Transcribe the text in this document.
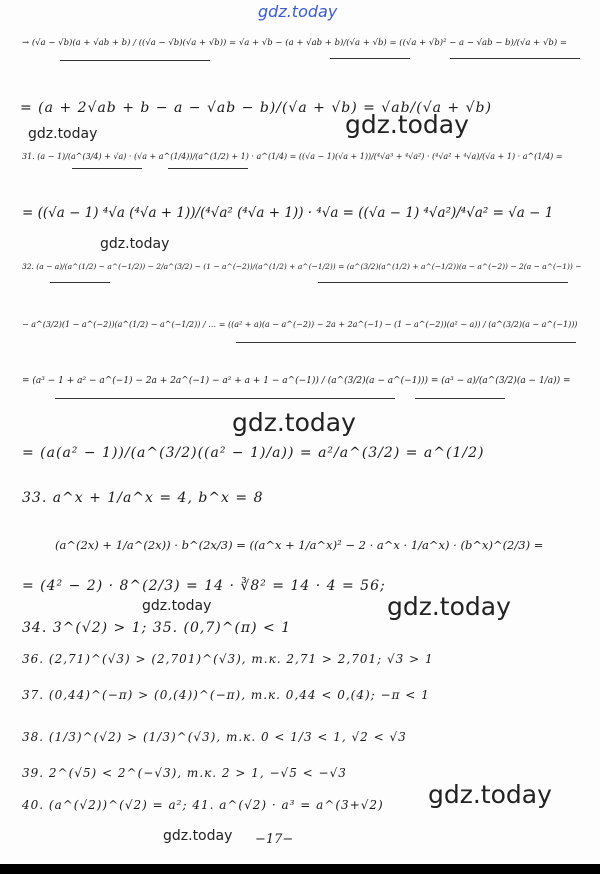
gdz.today
→ (√a − √b)(a + √ab + b) / ((√a − √b)(√a + √b)) = √a + √b − (a + √ab + b)/(√a + √b) = ((√a + √b)² − a − √ab − b)/(√a + √b) =
= (a + 2√ab + b − a − √ab − b)/(√a + √b) = √ab/(√a + √b)
gdz.today	gdz.today
31. (a − 1)/(a^(3/4) + √a) · (√a + a^(1/4))/(a^(1/2) + 1) · a^(1/4) = ((√a − 1)(√a + 1))/(⁴√a³ + ⁴√a²) · (⁴√a² + ⁴√a)/(√a + 1) · a^(1/4) =
= ((√a − 1) ⁴√a (⁴√a + 1))/(⁴√a² (⁴√a + 1)) · ⁴√a = ((√a − 1) ⁴√a²)/⁴√a² = √a − 1
gdz.today
32. (a − a)/(a^(1/2) − a^(−1/2)) − 2/a^(3/2) − (1 − a^(−2))/(a^(1/2) + a^(−1/2)) = (a^(3/2)(a^(1/2) + a^(−1/2))(a − a^(−2)) − 2(a − a^(−1)) −
− a^(3/2)(1 − a^(−2))(a^(1/2) − a^(−1/2)) / … = ((a² + a)(a − a^(−2)) − 2a + 2a^(−1) − (1 − a^(−2))(a² − a)) / (a^(3/2)(a − a^(−1)))
= (a³ − 1 + a² − a^(−1) − 2a + 2a^(−1) − a² + a + 1 − a^(−1)) / (a^(3/2)(a − a^(−1))) = (a³ − a)/(a^(3/2)(a − 1/a)) =
gdz.today
= (a(a² − 1))/(a^(3/2)((a² − 1)/a)) = a²/a^(3/2) = a^(1/2)
33. a^x + 1/a^x = 4, b^x = 8
(a^(2x) + 1/a^(2x)) · b^(2x/3) = ((a^x + 1/a^x)² − 2 · a^x · 1/a^x) · (b^x)^(2/3) =
= (4² − 2) · 8^(2/3) = 14 · ∛8² = 14 · 4 = 56;
gdz.today	gdz.today
34. 3^(√2) > 1; 35. (0,7)^(π) < 1
36. (2,71)^(√3) > (2,701)^(√3), т.к. 2,71 > 2,701; √3 > 1
37. (0,44)^(−π) > (0,(4))^(−π), т.к. 0,44 < 0,(4); −π < 1
38. (1/3)^(√2) > (1/3)^(√3), т.к. 0 < 1/3 < 1, √2 < √3
39. 2^(√5) < 2^(−√3), т.к. 2 > 1, −√5 < −√3
40. (a^(√2))^(√2) = a²; 41. a^(√2) · a³ = a^(3+√2) gdz.today
gdz.today −17−
